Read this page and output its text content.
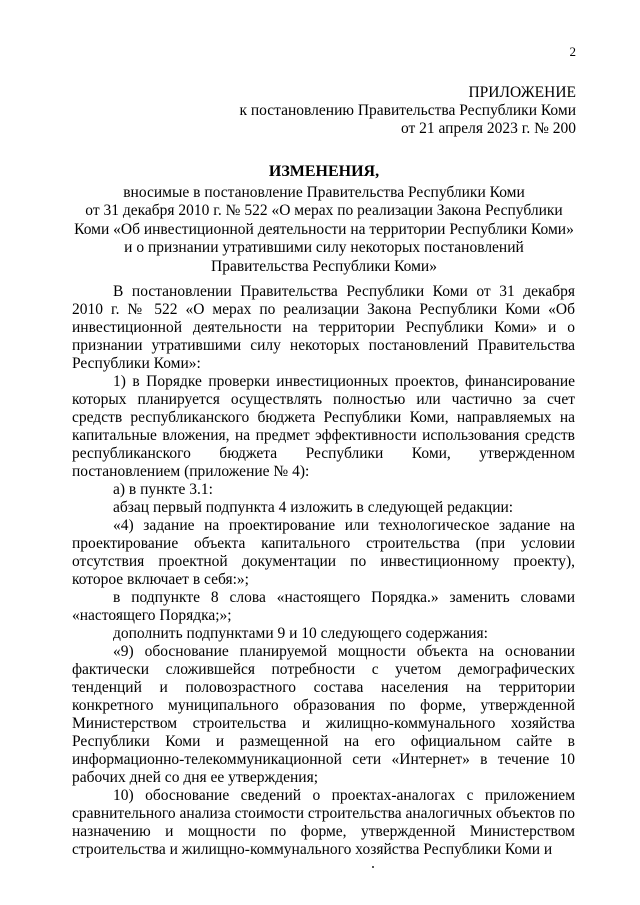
2
ПРИЛОЖЕНИЕ
к постановлению Правительства Республики Коми
от 21 апреля 2023 г. № 200
ИЗМЕНЕНИЯ,
вносимые в постановление Правительства Республики Коми
от 31 декабря 2010 г. № 522 «О мерах по реализации Закона Республики
Коми «Об инвестиционной деятельности на территории Республики Коми»
и о признании утратившими силу некоторых постановлений
Правительства Республики Коми»

В постановлении Правительства Республики Коми от 31 декабря 2010 г. № 522 «О мерах по реализации Закона Республики Коми «Об инвестиционной деятельности на территории Республики Коми» и о признании утратившими силу некоторых постановлений Правительства Республики Коми»:

1) в Порядке проверки инвестиционных проектов, финансирование которых планируется осуществлять полностью или частично за счет средств республиканского бюджета Республики Коми, направляемых на капитальные вложения, на предмет эффективности использования средств республиканского бюджета Республики Коми, утвержденном постановлением (приложение № 4):

а) в пункте 3.1:

абзац первый подпункта 4 изложить в следующей редакции:

«4) задание на проектирование или технологическое задание на проектирование объекта капитального строительства (при условии отсутствия проектной документации по инвестиционному проекту), которое включает в себя:»;

в подпункте 8 слова «настоящего Порядка.» заменить словами «настоящего Порядка;»;

дополнить подпунктами 9 и 10 следующего содержания:

«9) обоснование планируемой мощности объекта на основании фактически сложившейся потребности с учетом демографических тенденций и половозрастного состава населения на территории конкретного муниципального образования по форме, утвержденной Министерством строительства и жилищно-коммунального хозяйства Республики Коми и размещенной на его официальном сайте в информационно-телекоммуникационной сети «Интернет» в течение 10 рабочих дней со дня ее утверждения;

10) обоснование сведений о проектах-аналогах с приложением сравнительного анализа стоимости строительства аналогичных объектов по назначению и мощности по форме, утвержденной Министерством строительства и жилищно-коммунального хозяйства Республики Коми и
